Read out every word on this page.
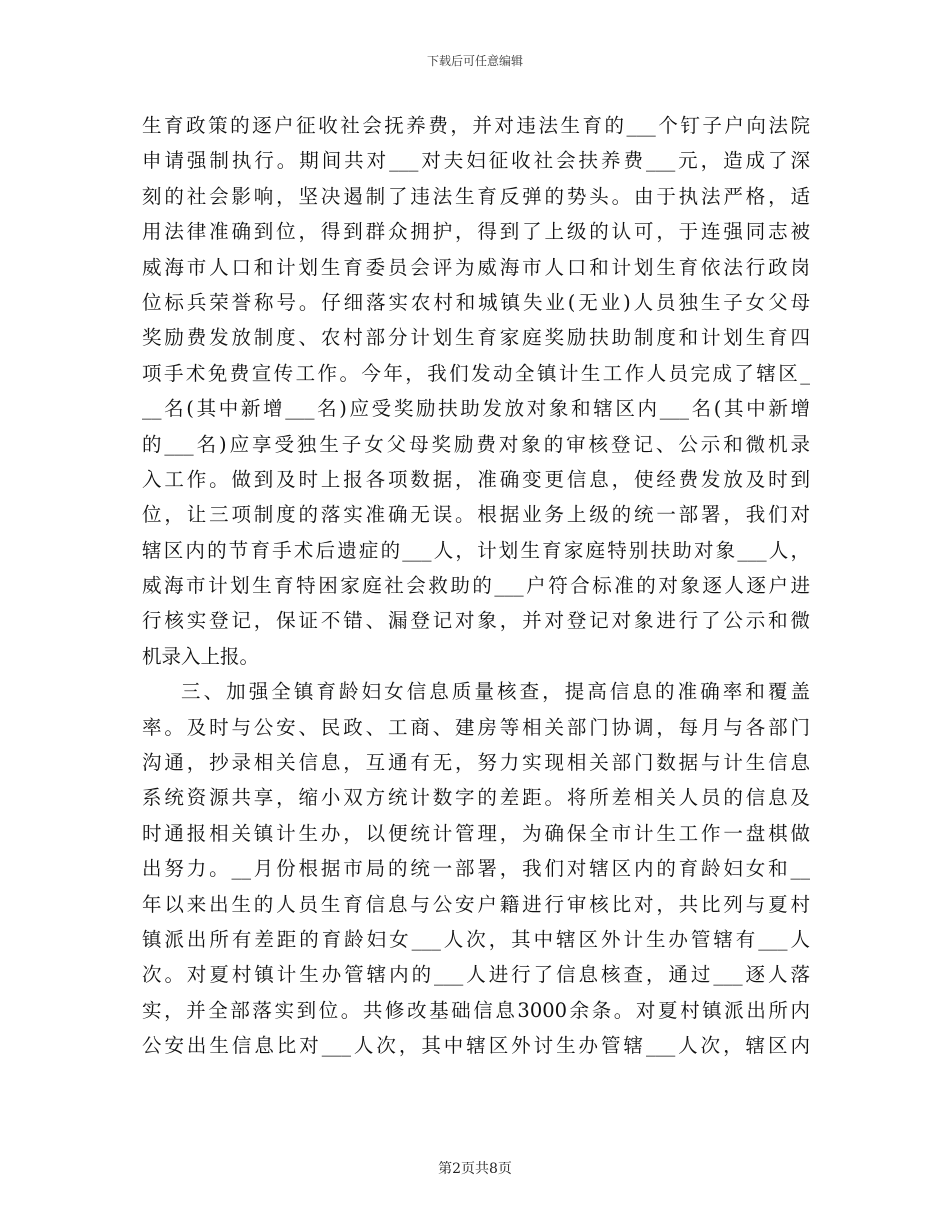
下载后可任意编辑
生育政策的逐户征收社会抚养费，并对违法生育的___个钉子户向法院
申请强制执行。期间共对___对夫妇征收社会扶养费___元，造成了深
刻的社会影响，坚决遏制了违法生育反弹的势头。由于执法严格，适
用法律准确到位，得到群众拥护，得到了上级的认可，于连强同志被
威海市人口和计划生育委员会评为威海市人口和计划生育依法行政岗
位标兵荣誉称号。仔细落实农村和城镇失业(无业)人员独生子女父母
奖励费发放制度、农村部分计划生育家庭奖励扶助制度和计划生育四
项手术免费宣传工作。今年，我们发动全镇计生工作人员完成了辖区_
__名(其中新增___名)应受奖励扶助发放对象和辖区内___名(其中新增
的___名)应享受独生子女父母奖励费对象的审核登记、公示和微机录
入工作。做到及时上报各项数据，准确变更信息，使经费发放及时到
位，让三项制度的落实准确无误。根据业务上级的统一部署，我们对
辖区内的节育手术后遗症的___人，计划生育家庭特别扶助对象___人，
威海市计划生育特困家庭社会救助的___户符合标准的对象逐人逐户进
行核实登记，保证不错、漏登记对象，并对登记对象进行了公示和微
机录入上报。
三、加强全镇育龄妇女信息质量核查，提高信息的准确率和覆盖
率。及时与公安、民政、工商、建房等相关部门协调，每月与各部门
沟通，抄录相关信息，互通有无，努力实现相关部门数据与计生信息
系统资源共享，缩小双方统计数字的差距。将所差相关人员的信息及
时通报相关镇计生办，以便统计管理，为确保全市计生工作一盘棋做
出努力。__月份根据市局的统一部署，我们对辖区内的育龄妇女和__
年以来出生的人员生育信息与公安户籍进行审核比对，共比列与夏村
镇派出所有差距的育龄妇女___人次，其中辖区外计生办管辖有___人
次。对夏村镇计生办管辖内的___人进行了信息核查，通过___逐人落
实，并全部落实到位。共修改基础信息3000余条。对夏村镇派出所内
公安出生信息比对___人次，其中辖区外讨生办管辖___人次，辖区内
第2页共8页
